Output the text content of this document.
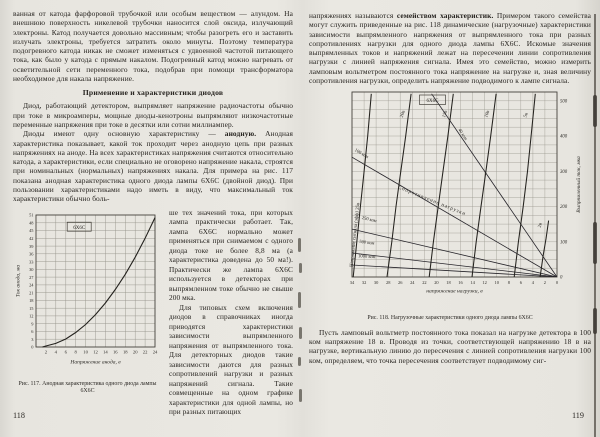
ванная от катода фарфоровой трубочкой или особым веществом — алундом. На внешнюю поверхность никелевой трубочки наносится слой оксида, излучающий электроны. Катод получается довольно массивным; чтобы разогреть его и заставить излучать электроны, требуется затратить около минуты. Поэтому температура подогревного катода никак не сможет изменяться с удвоенной частотой питающего тока, как было у катода с прямым накалом. Подогревный катод можно нагревать от осветительной сети переменного тока, подобрав при помощи трансформатора необходимое для накала напряжение.

Применение и характеристики диодов

Диод, работающий детектором, выпрямляет напряжение радиочастоты обычно при токе в микроамперы, мощные диоды-кенотроны выпрямляют низкочастотные переменные напряжения при токе в десятки или сотни миллиампер.

Диоды имеют одну основную характеристику — анодную. Анодная характеристика показывает, какой ток проходит через анодную цепь при разных напряжениях на аноде. На всех характеристиках напряжения считаются относительно катода, а характеристики, если специально не оговорено напряжение накала, строятся при номинальных (нормальных) напряжениях накала. Для примера на рис. 117 показана анодная характеристика одного диода лампы 6Х6С (двойной диод). При пользовании характеристиками надо иметь в виду, что максимальный ток характеристики обычно боль-

2 4 6 8 10 12 14 16 18 20 22 24
0
3
6
9
12
15
18
21
24
27
30
33
36
39
42
45
48
51
6Х6С
Напряжение анода, в
Ток анода, ма
Рис. 117. Анодная характеристика одного диода лампы 6Х6С

ше тех значений тока, при которых лампа практически работает. Так, лампа 6Х6С нормально может применяться при снимаемом с одного диода токе не более 8,8 ма (а характеристика доведена до 50 ма!). Практически же лампа 6Х6С используется в детекторах при выпрямленном токе обычно не свыше 200 мка.

Для типовых схем включения диодов в справочниках иногда приводятся характеристики зависимости выпрямленного напряжения от выпрямленного тока. Для детекторных диодов такие зависимости даются для разных сопротивлений нагрузки и разных напряжений сигнала. Такие совмещенные на одном графике характеристики для одной лампы, но при разных питающих

118

напряжениях называются семейством характеристик. Примером такого семейства могут служить приведенные на рис. 118 динамические (нагрузочные) характеристики зависимости выпрямленного напряжения от выпрямленного тока при разных сопротивлениях нагрузки для одного диода лампы 6Х6С. Искомые значения выпрямленных токов и напряжений лежат на пересечении линии сопротивления нагрузки с линией напряжения сигнала. Имея это семейство, можно измерить ламповым вольтметром постоянного тока напряжение на нагрузке и, зная величину сопротивления нагрузки, определить напряжение подводимого к лампе сигнала.

34 32 30 28 26 24 22 20 18 16 14 12 10 8 6 4 2 0
0
100
200
300
400
500
Напряжение сигнала (эфф) 25в
20в	15в	10в	5в
2в
40 ком
100 ком
250 ком
500 ком
1000 ком
Сопротивление нагрузки
6Х6С
напряжение нагрузки, в
Выпрямленный ток, мка
Рис. 118. Нагрузочные характеристики одного диода лампы 6Х6С

Пусть ламповый вольтметр постоянного тока показал на нагрузке детектора в 100 ком напряжение 18 в. Проводя из точки, соответствующей напряжению 18 в на нагрузке, вертикальную линию до пересечения с линией сопротивления нагрузки 100 ком, определяем, что точка пересечения соответствует подводимому сиг-

119
